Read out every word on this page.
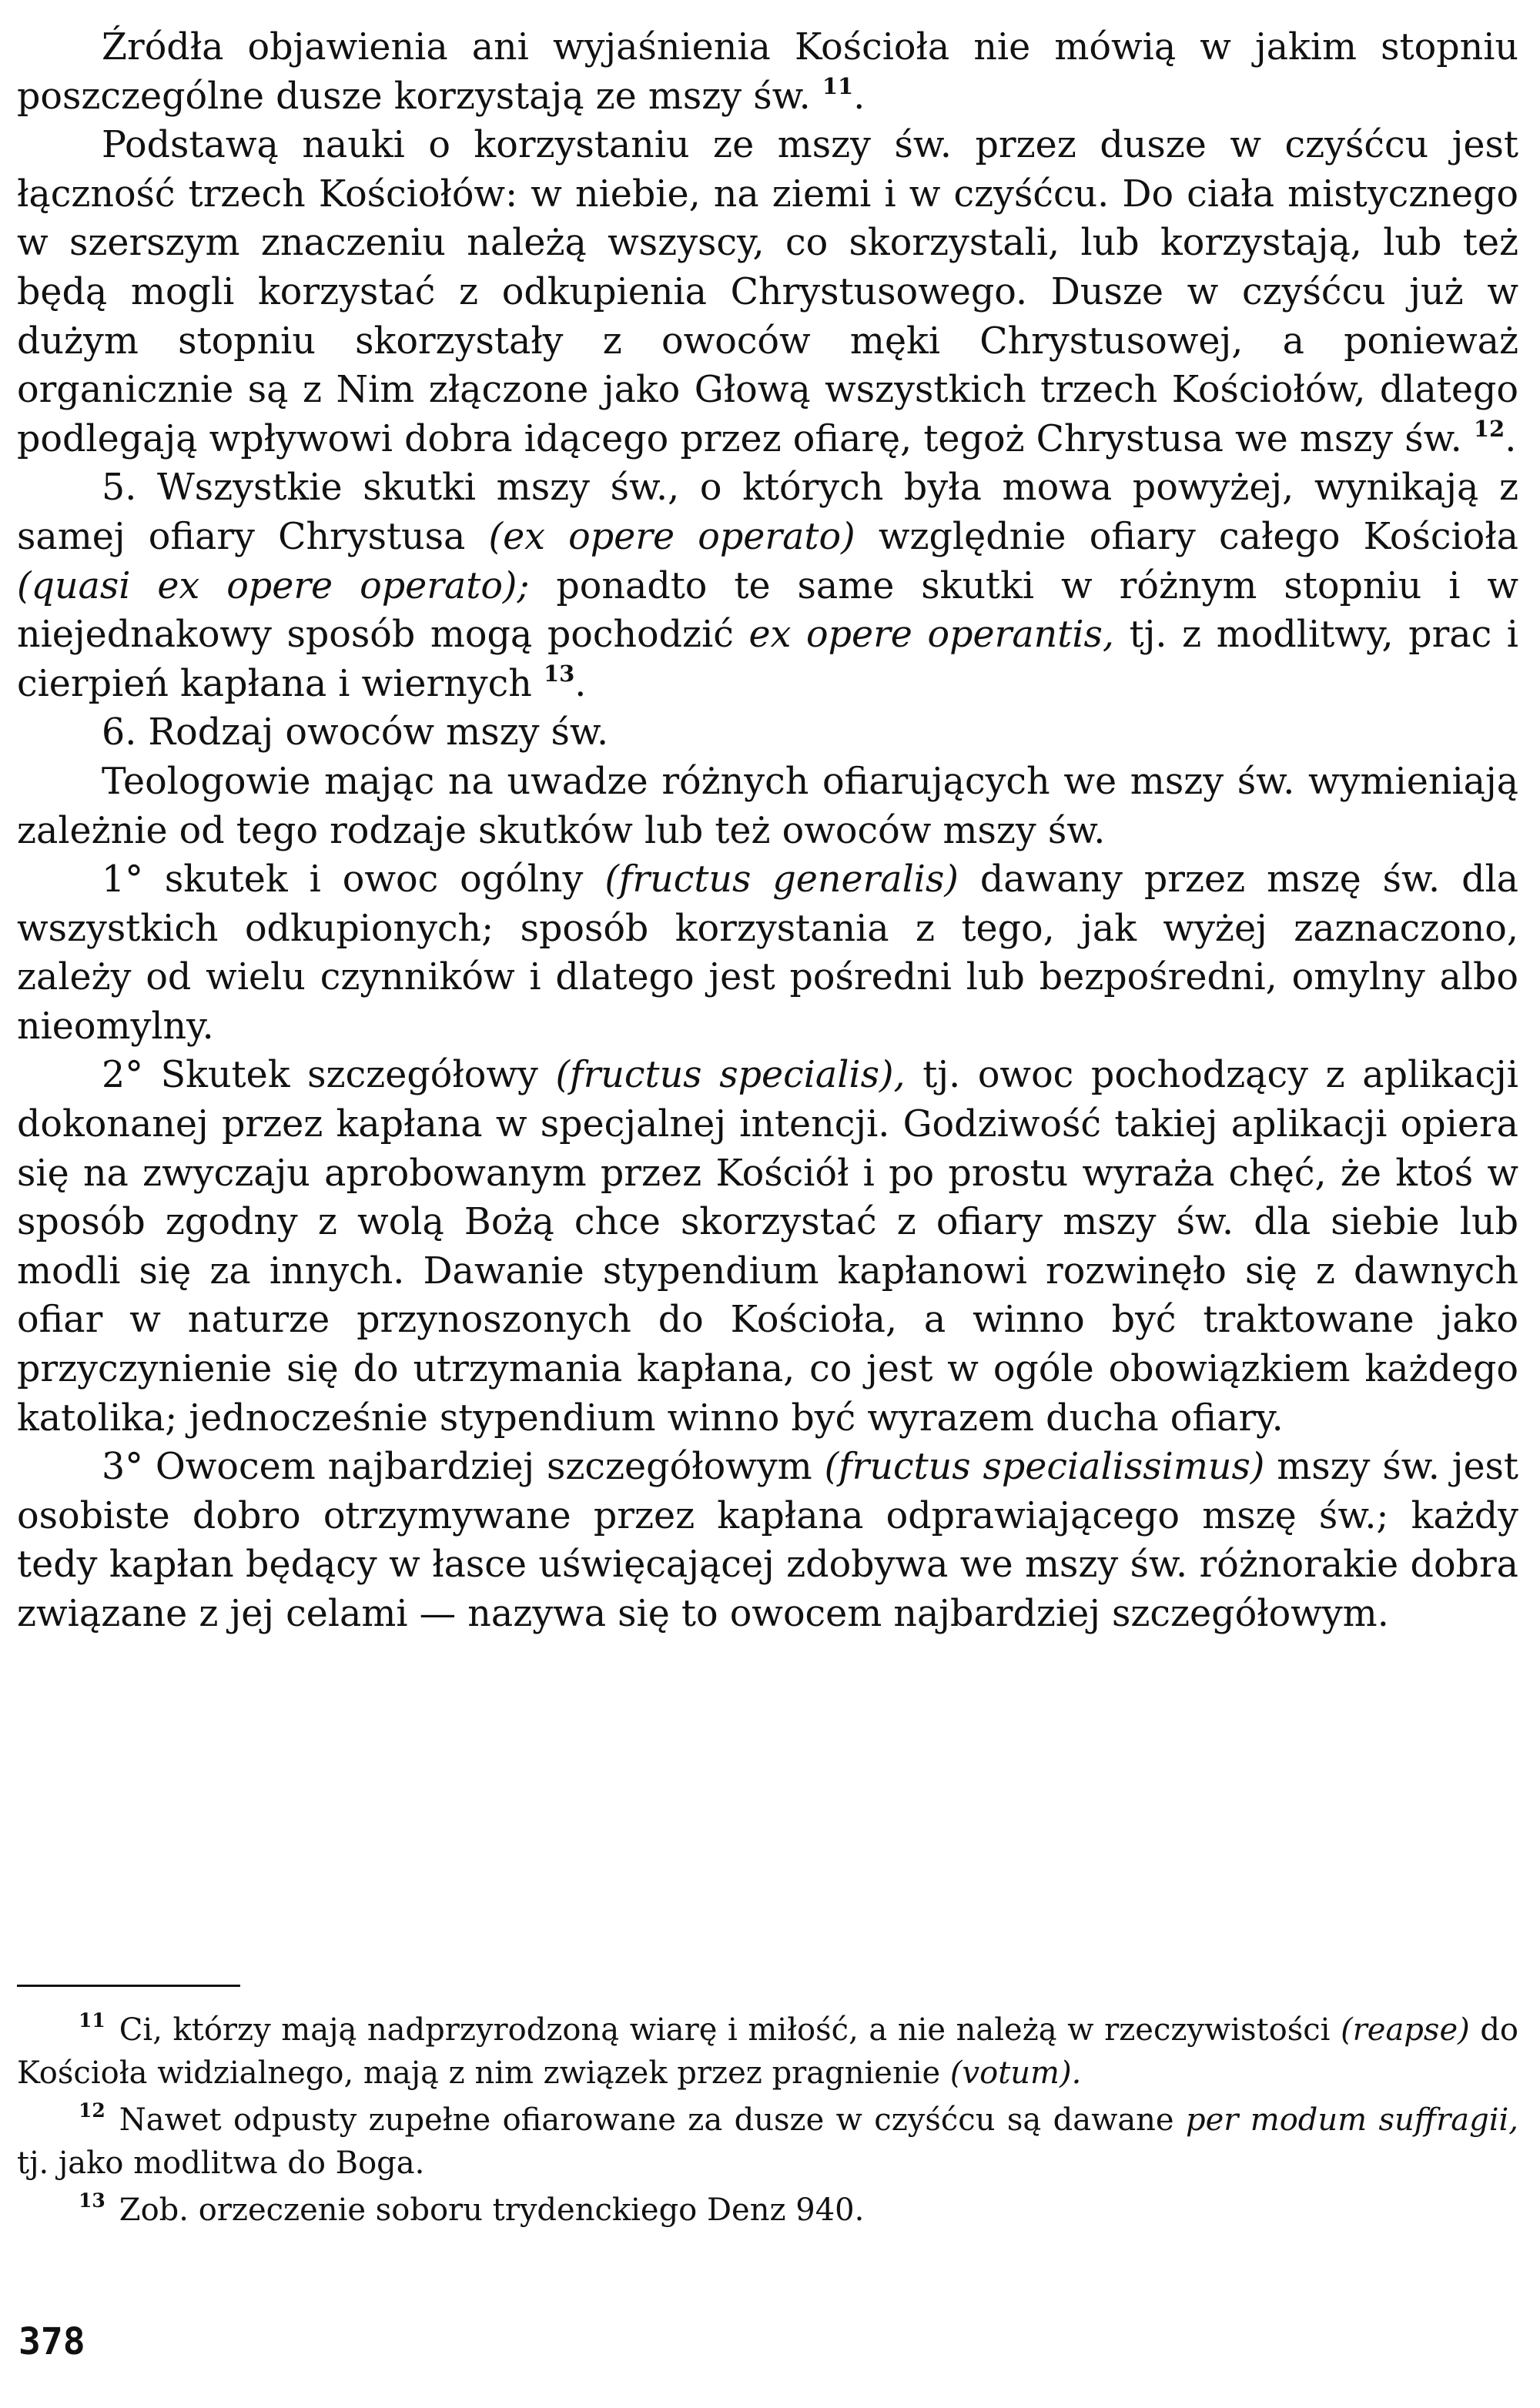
Źródła objawienia ani wyjaśnienia Kościoła nie mówią w jakim stopniu poszczególne dusze korzystają ze mszy św. $^{11}$.

Podstawą nauki o korzystaniu ze mszy św. przez dusze w czyśćcu jest łączność trzech Kościołów: w niebie, na ziemi i w czyśćcu. Do ciała mistycznego w szerszym znaczeniu należą wszyscy, co skorzystali, lub korzystają, lub też będą mogli korzystać z odkupienia Chrystusowego. Dusze w czyśćcu już w dużym stopniu skorzystały z owoców męki Chrystusowej, a ponieważ organicznie są z Nim złączone jako Głową wszystkich trzech Kościołów, dlatego podlegają wpływowi dobra idącego przez ofiarę, tegoż Chrystusa we mszy św. $^{12}$.

5. Wszystkie skutki mszy św., o których była mowa powyżej, wynikają z samej ofiary Chrystusa (ex opere operato) względnie ofiary całego Kościoła (quasi ex opere operato); ponadto te same skutki w różnym stopniu i w niejednakowy sposób mogą pochodzić ex opere operantis, tj. z modlitwy, prac i cierpień kapłana i wiernych $^{13}$.

6. Rodzaj owoców mszy św.

Teologowie mając na uwadze różnych ofiarujących we mszy św. wymieniają zależnie od tego rodzaje skutków lub też owoców mszy św.

1° skutek i owoc ogólny (fructus generalis) dawany przez mszę św. dla wszystkich odkupionych; sposób korzystania z tego, jak wyżej zaznaczono, zależy od wielu czynników i dlatego jest pośredni lub bezpośredni, omylny albo nieomylny.

2° Skutek szczegółowy (fructus specialis), tj. owoc pochodzący z aplikacji dokonanej przez kapłana w specjalnej intencji. Godziwość takiej aplikacji opiera się na zwyczaju aprobowanym przez Kościół i po prostu wyraża chęć, że ktoś w sposób zgodny z wolą Bożą chce skorzystać z ofiary mszy św. dla siebie lub modli się za innych. Dawanie stypendium kapłanowi rozwinęło się z dawnych ofiar w naturze przynoszonych do Kościoła, a winno być traktowane jako przyczynienie się do utrzymania kapłana, co jest w ogóle obowiązkiem każdego katolika; jednocześnie stypendium winno być wyrazem ducha ofiary.

3° Owocem najbardziej szczegółowym (fructus specialissimus) mszy św. jest osobiste dobro otrzymywane przez kapłana odprawiającego mszę św.; każdy tedy kapłan będący w łasce uświęcającej zdobywa we mszy św. różnorakie dobra związane z jej celami — nazywa się to owocem najbardziej szczegółowym.

$^{11}$ Ci, którzy mają nadprzyrodzoną wiarę i miłość, a nie należą w rzeczywistości (reapse) do Kościoła widzialnego, mają z nim związek przez pragnienie (votum).

$^{12}$ Nawet odpusty zupełne ofiarowane za dusze w czyśćcu są dawane per modum suffragii, tj. jako modlitwa do Boga.

$^{13}$ Zob. orzeczenie soboru trydenckiego Denz 940.

378
